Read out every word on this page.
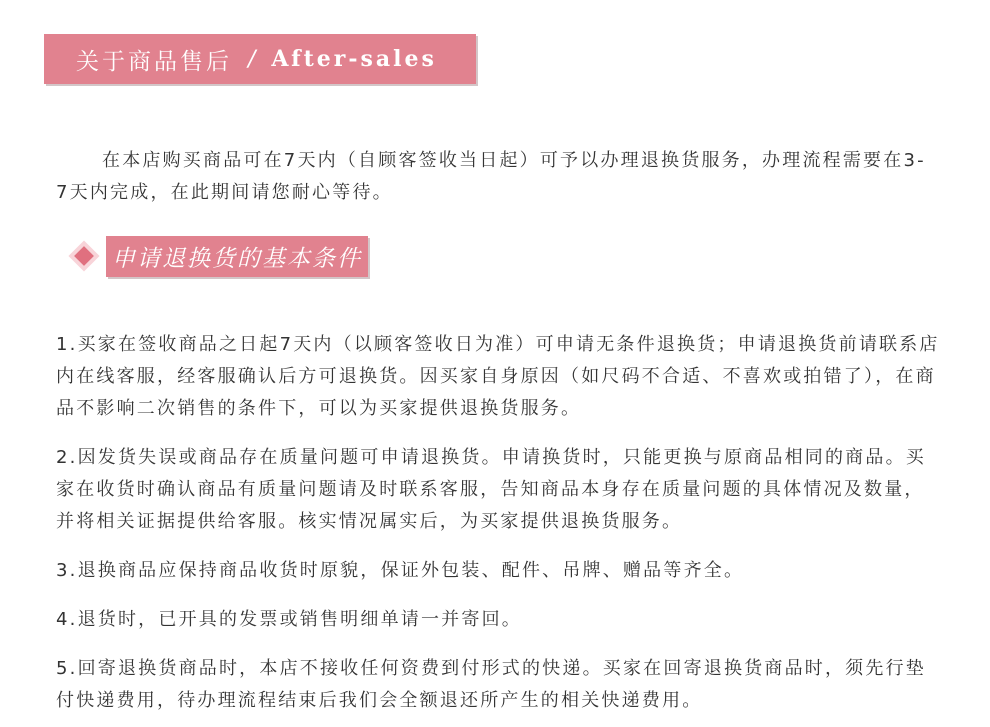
关于商品售后 / After-sales

在本店购买商品可在7天内（自顾客签收当日起）可予以办理退换货服务，办理流程需要在3-7天内完成，在此期间请您耐心等待。

申请退换货的基本条件

1.买家在签收商品之日起7天内（以顾客签收日为准）可申请无条件退换货；申请退换货前请联系店内在线客服，经客服确认后方可退换货。因买家自身原因（如尺码不合适、不喜欢或拍错了），在商品不影响二次销售的条件下，可以为买家提供退换货服务。

2.因发货失误或商品存在质量问题可申请退换货。申请换货时，只能更换与原商品相同的商品。买家在收货时确认商品有质量问题请及时联系客服，告知商品本身存在质量问题的具体情况及数量，并将相关证据提供给客服。核实情况属实后，为买家提供退换货服务。

3.退换商品应保持商品收货时原貌，保证外包装、配件、吊牌、赠品等齐全。

4.退货时，已开具的发票或销售明细单请一并寄回。

5.回寄退换货商品时，本店不接收任何资费到付形式的快递。买家在回寄退换货商品时，须先行垫付快递费用，待办理流程结束后我们会全额退还所产生的相关快递费用。
